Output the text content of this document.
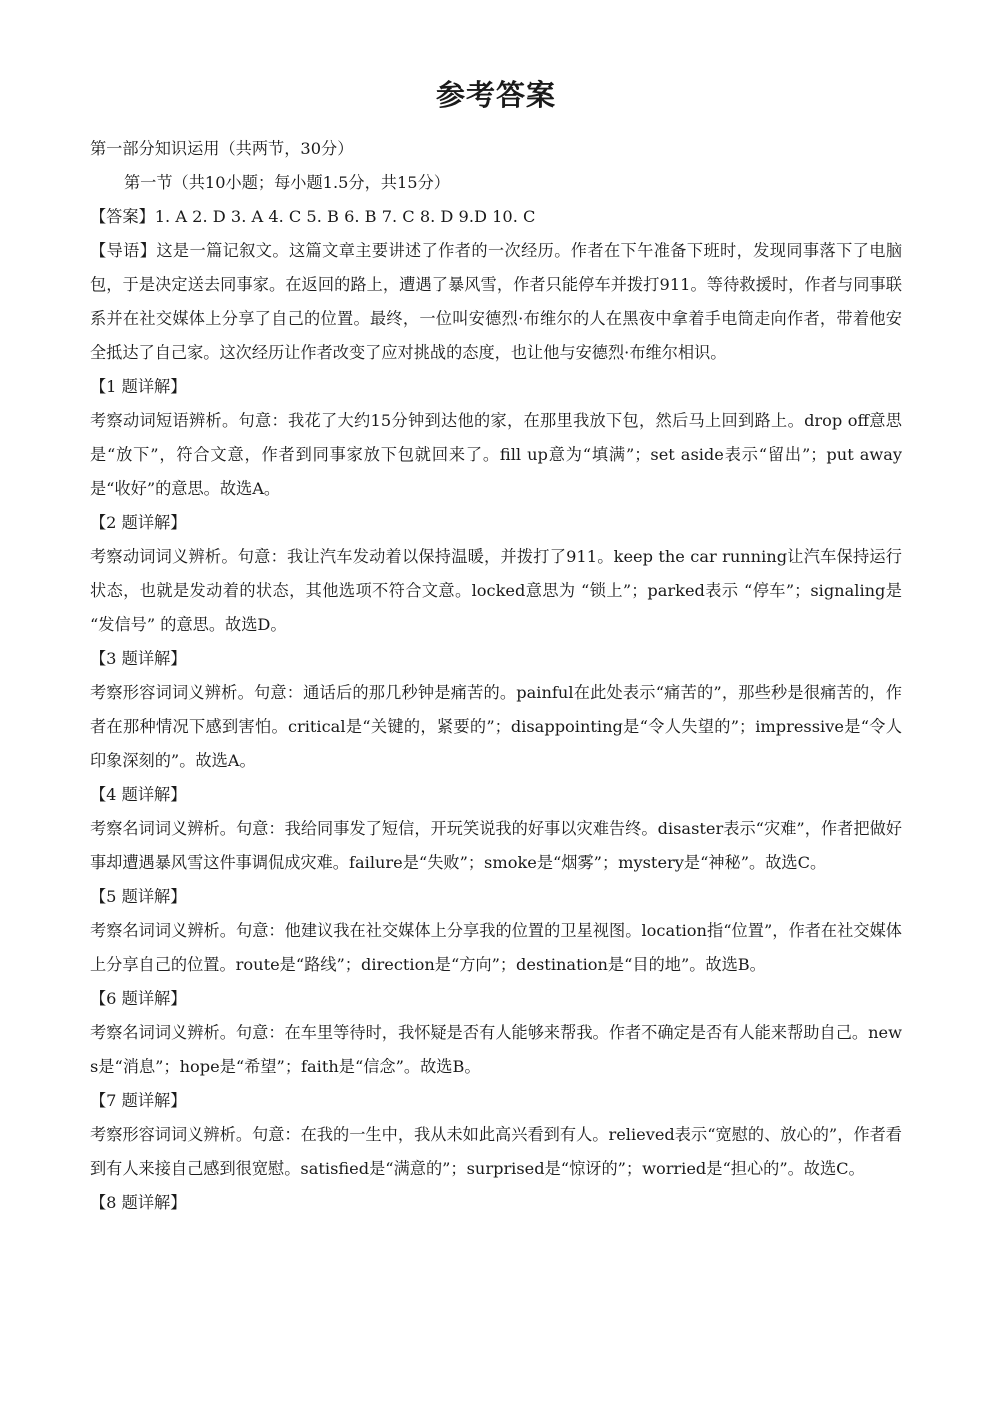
参考答案

第一部分知识运用（共两节，30分）

第一节（共10小题；每小题1.5分，共15分）

【答案】1. A 2. D 3. A 4. C 5. B 6. B 7. C 8. D 9.D 10. C

【导语】这是一篇记叙文。这篇文章主要讲述了作者的一次经历。作者在下午准备下班时，发现同事落下了电脑包，于是决定送去同事家。在返回的路上，遭遇了暴风雪，作者只能停车并拨打911。等待救援时，作者与同事联系并在社交媒体上分享了自己的位置。最终，一位叫安德烈·布维尔的人在黑夜中拿着手电筒走向作者，带着他安全抵达了自己家。这次经历让作者改变了应对挑战的态度，也让他与安德烈·布维尔相识。

【1 题详解】

考察动词短语辨析。句意：我花了大约15分钟到达他的家，在那里我放下包，然后马上回到路上。drop off意思是“放下”，符合文意，作者到同事家放下包就回来了。fill up意为“填满”；set aside表示“留出”；put away是“收好”的意思。故选A。

【2 题详解】

考察动词词义辨析。句意：我让汽车发动着以保持温暖，并拨打了911。keep the car running让汽车保持运行状态，也就是发动着的状态，其他选项不符合文意。locked意思为 “锁上”；parked表示 “停车”；signaling是 “发信号” 的意思。故选D。

【3 题详解】

考察形容词词义辨析。句意：通话后的那几秒钟是痛苦的。painful在此处表示“痛苦的”，那些秒是很痛苦的，作者在那种情况下感到害怕。critical是“关键的，紧要的”；disappointing是“令人失望的”；impressive是“令人印象深刻的”。故选A。

【4 题详解】

考察名词词义辨析。句意：我给同事发了短信，开玩笑说我的好事以灾难告终。disaster表示“灾难”，作者把做好事却遭遇暴风雪这件事调侃成灾难。failure是“失败”；smoke是“烟雾”；mystery是“神秘”。故选C。

【5 题详解】

考察名词词义辨析。句意：他建议我在社交媒体上分享我的位置的卫星视图。location指“位置”，作者在社交媒体上分享自己的位置。route是“路线”；direction是“方向”；destination是“目的地”。故选B。

【6 题详解】

考察名词词义辨析。句意：在车里等待时，我怀疑是否有人能够来帮我。作者不确定是否有人能来帮助自己。news是“消息”；hope是“希望”；faith是“信念”。故选B。

【7 题详解】

考察形容词词义辨析。句意：在我的一生中，我从未如此高兴看到有人。relieved表示“宽慰的、放心的”，作者看到有人来接自己感到很宽慰。satisfied是“满意的”；surprised是“惊讶的”；worried是“担心的”。故选C。

【8 题详解】
